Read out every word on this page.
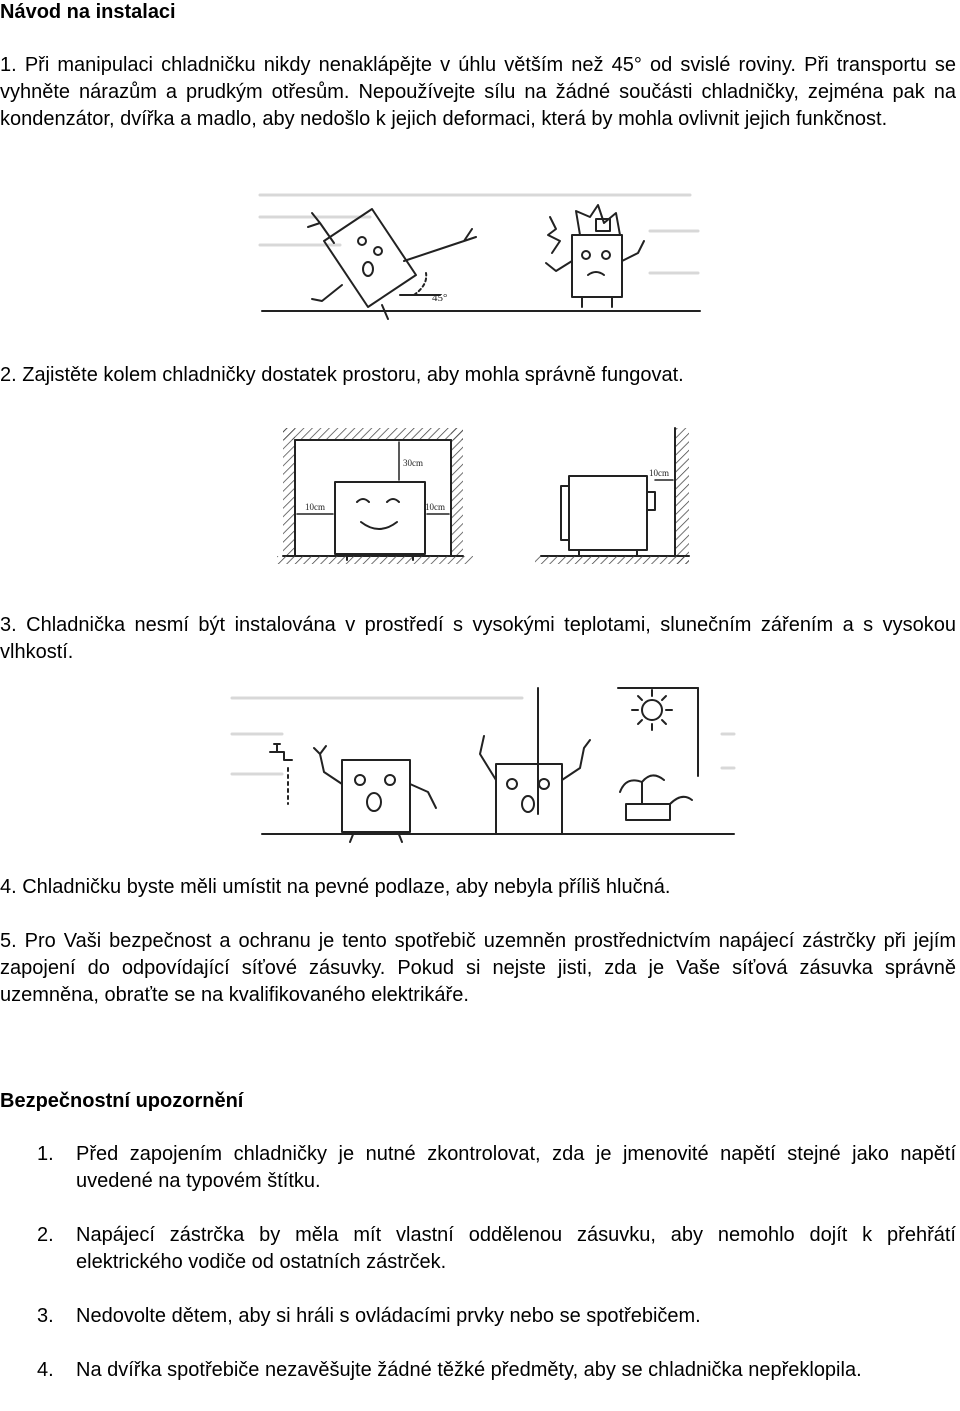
Návod na instalaci

1. Při manipulaci chladničku nikdy nenaklápějte v úhlu větším než 45° od svislé roviny. Při transportu se vyhněte nárazům a prudkým otřesům. Nepoužívejte sílu na žádné součásti chladničky, zejména pak na kondenzátor, dvířka a madlo, aby nedošlo k jejich deformaci, která by mohla ovlivnit jejich funkčnost.

45°

2. Zajistěte kolem chladničky dostatek prostoru, aby mohla správně fungovat.

30cm
10cm	10cm
10cm

3. Chladnička nesmí být instalována v prostředí s vysokými teplotami, slunečním zářením a s vysokou vlhkostí.

4. Chladničku byste měli umístit na pevné podlaze, aby nebyla příliš hlučná.

5. Pro Vaši bezpečnost a ochranu je tento spotřebič uzemněn prostřednictvím napájecí zástrčky při jejím zapojení do odpovídající síťové zásuvky. Pokud si nejste jisti, zda je Vaše síťová zásuvka správně uzemněna, obraťte se na kvalifikovaného elektrikáře.

Bezpečnostní upozornění
1. Před zapojením chladničky je nutné zkontrolovat, zda je jmenovité napětí stejné jako napětí uvedené na typovém štítku.
2. Napájecí zástrčka by měla mít vlastní oddělenou zásuvku, aby nemohlo dojít k přehřátí elektrického vodiče od ostatních zástrček.
3. Nedovolte dětem, aby si hráli s ovládacími prvky nebo se spotřebičem.
4. Na dvířka spotřebiče nezavěšujte žádné těžké předměty, aby se chladnička nepřeklopila.
